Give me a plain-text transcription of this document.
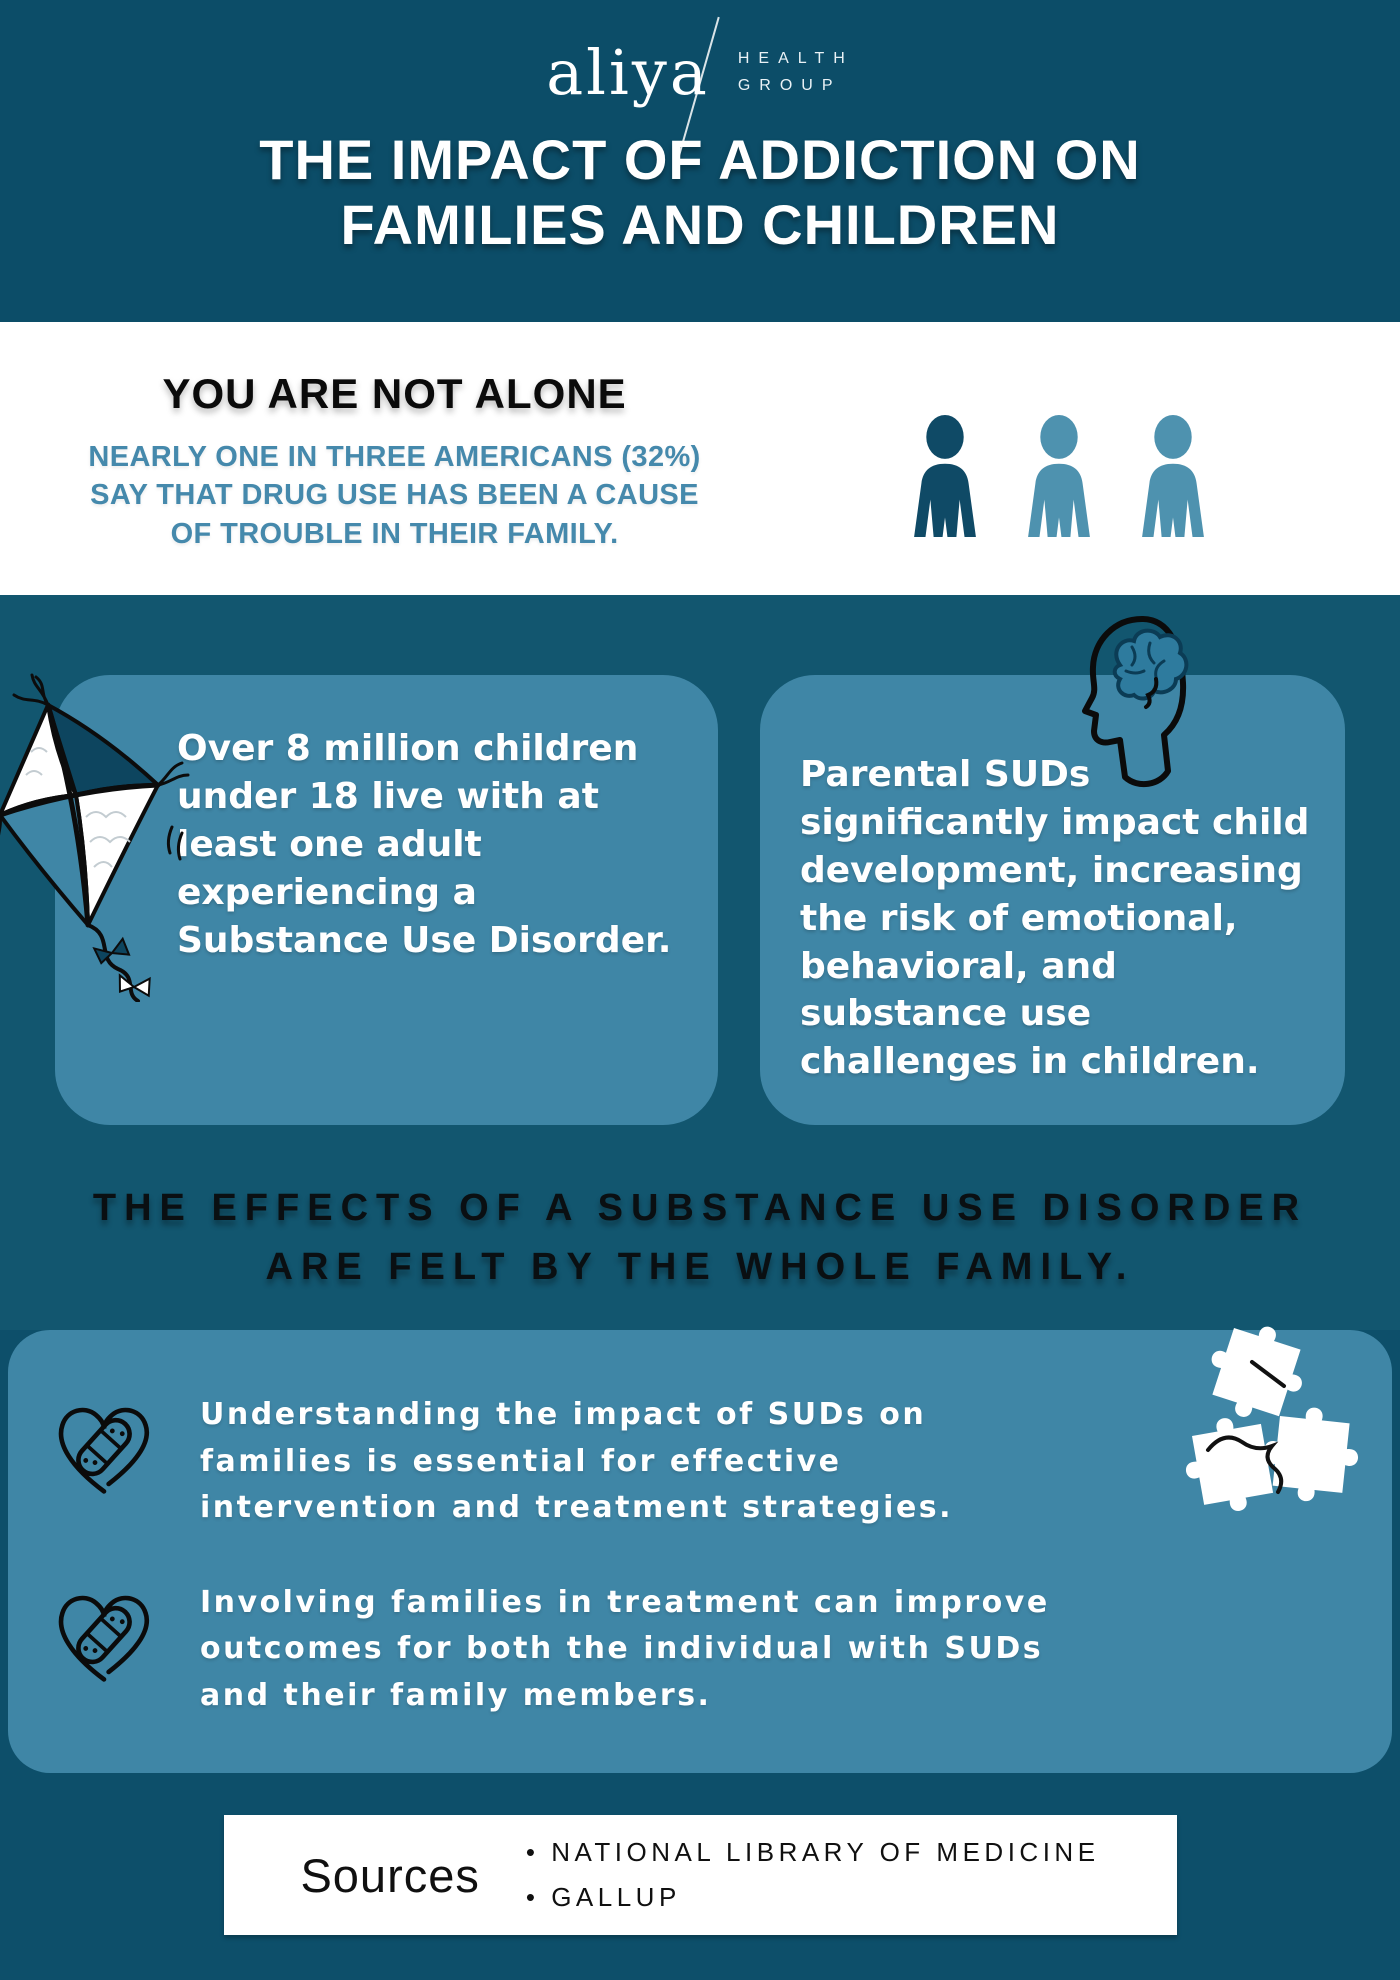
aliya HEALTH
GROUP
THE IMPACT OF ADDICTION ON
FAMILIES AND CHILDREN
YOU ARE NOT ALONE
NEARLY ONE IN THREE AMERICANS (32%) SAY THAT DRUG USE HAS BEEN A CAUSE OF TROUBLE IN THEIR FAMILY.
Over 8 million children under 18 live with at least one adult experiencing a Substance Use Disorder.
Parental SUDs significantly impact child development, increasing the risk of emotional, behavioral, and substance use challenges in children.
THE EFFECTS OF A SUBSTANCE USE DISORDER
ARE FELT BY THE WHOLE FAMILY.
Understanding the impact of SUDs on families is essential for effective intervention and treatment strategies.
Involving families in treatment can improve outcomes for both the individual with SUDs and their family members.
Sources	• NATIONAL LIBRARY OF MEDICINE
• GALLUP
